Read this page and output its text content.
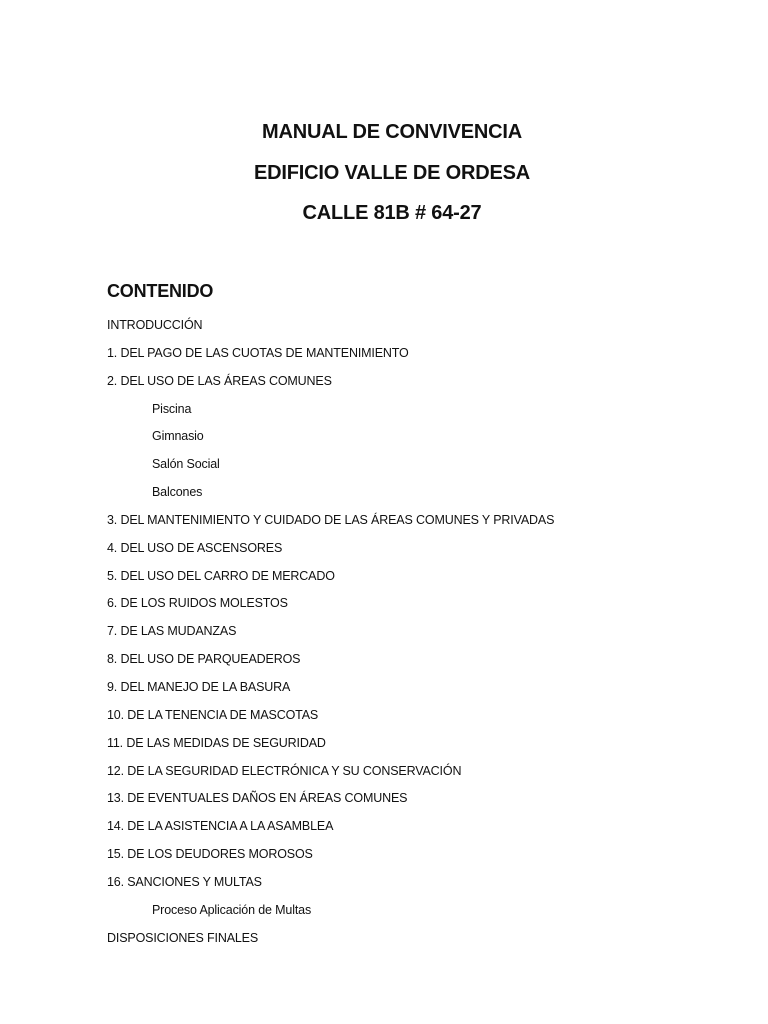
MANUAL DE CONVIVENCIA
EDIFICIO VALLE DE ORDESA
CALLE 81B # 64-27
CONTENIDO
INTRODUCCIÓN
1. DEL PAGO DE LAS CUOTAS DE MANTENIMIENTO
2. DEL USO DE LAS ÁREAS COMUNES
Piscina
Gimnasio
Salón Social
Balcones
3. DEL MANTENIMIENTO Y CUIDADO DE LAS ÁREAS COMUNES Y PRIVADAS
4. DEL USO DE ASCENSORES
5. DEL USO DEL CARRO DE MERCADO
6. DE LOS RUIDOS MOLESTOS
7. DE LAS MUDANZAS
8. DEL USO DE PARQUEADEROS
9. DEL MANEJO DE LA BASURA
10. DE LA TENENCIA DE MASCOTAS
11. DE LAS MEDIDAS DE SEGURIDAD
12. DE LA SEGURIDAD ELECTRÓNICA Y SU CONSERVACIÓN
13. DE EVENTUALES DAÑOS EN ÁREAS COMUNES
14. DE LA ASISTENCIA A LA ASAMBLEA
15. DE LOS DEUDORES MOROSOS
16. SANCIONES Y MULTAS
Proceso Aplicación de Multas
DISPOSICIONES FINALES
